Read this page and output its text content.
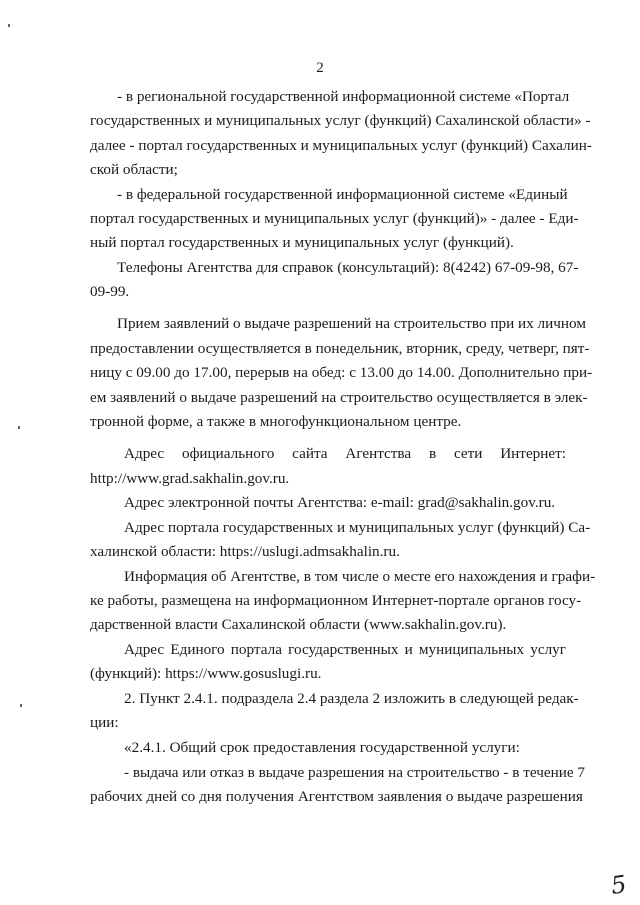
2
- в региональной государственной информационной системе «Портал
государственных и муниципальных услуг (функций) Сахалинской области» -
далее - портал государственных и муниципальных услуг (функций) Сахалин-
ской области;
- в федеральной государственной информационной системе «Единый
портал государственных и муниципальных услуг (функций)» - далее - Еди-
ный портал государственных и муниципальных услуг (функций).
Телефоны Агентства для справок (консультаций): 8(4242) 67-09-98, 67-
09-99.
Прием заявлений о выдаче разрешений на строительство при их личном
предоставлении осуществляется в понедельник, вторник, среду, четверг, пят-
ницу с 09.00 до 17.00, перерыв на обед: с 13.00 до 14.00. Дополнительно при-
ем заявлений о выдаче разрешений на строительство осуществляется в элек-
тронной форме, а также в многофункциональном центре.
Адрес официального сайта Агентства в сети Интернет:
http://www.grad.sakhalin.gov.ru.
Адрес электронной почты Агентства: e-mail: grad@sakhalin.gov.ru.
Адрес портала государственных и муниципальных услуг (функций) Са-
халинской области: https://uslugi.admsakhalin.ru.
Информация об Агентстве, в том числе о месте его нахождения и графи-
ке работы, размещена на информационном Интернет-портале органов госу-
дарственной власти Сахалинской области (www.sakhalin.gov.ru).
Адрес Единого портала государственных и муниципальных услуг
(функций): https://www.gosuslugi.ru.
2. Пункт 2.4.1. подраздела 2.4 раздела 2 изложить в следующей редак-
ции:
«2.4.1. Общий срок предоставления государственной услуги:
- выдача или отказ в выдаче разрешения на строительство - в течение 7
рабочих дней со дня получения Агентством заявления о выдаче разрешения
5
